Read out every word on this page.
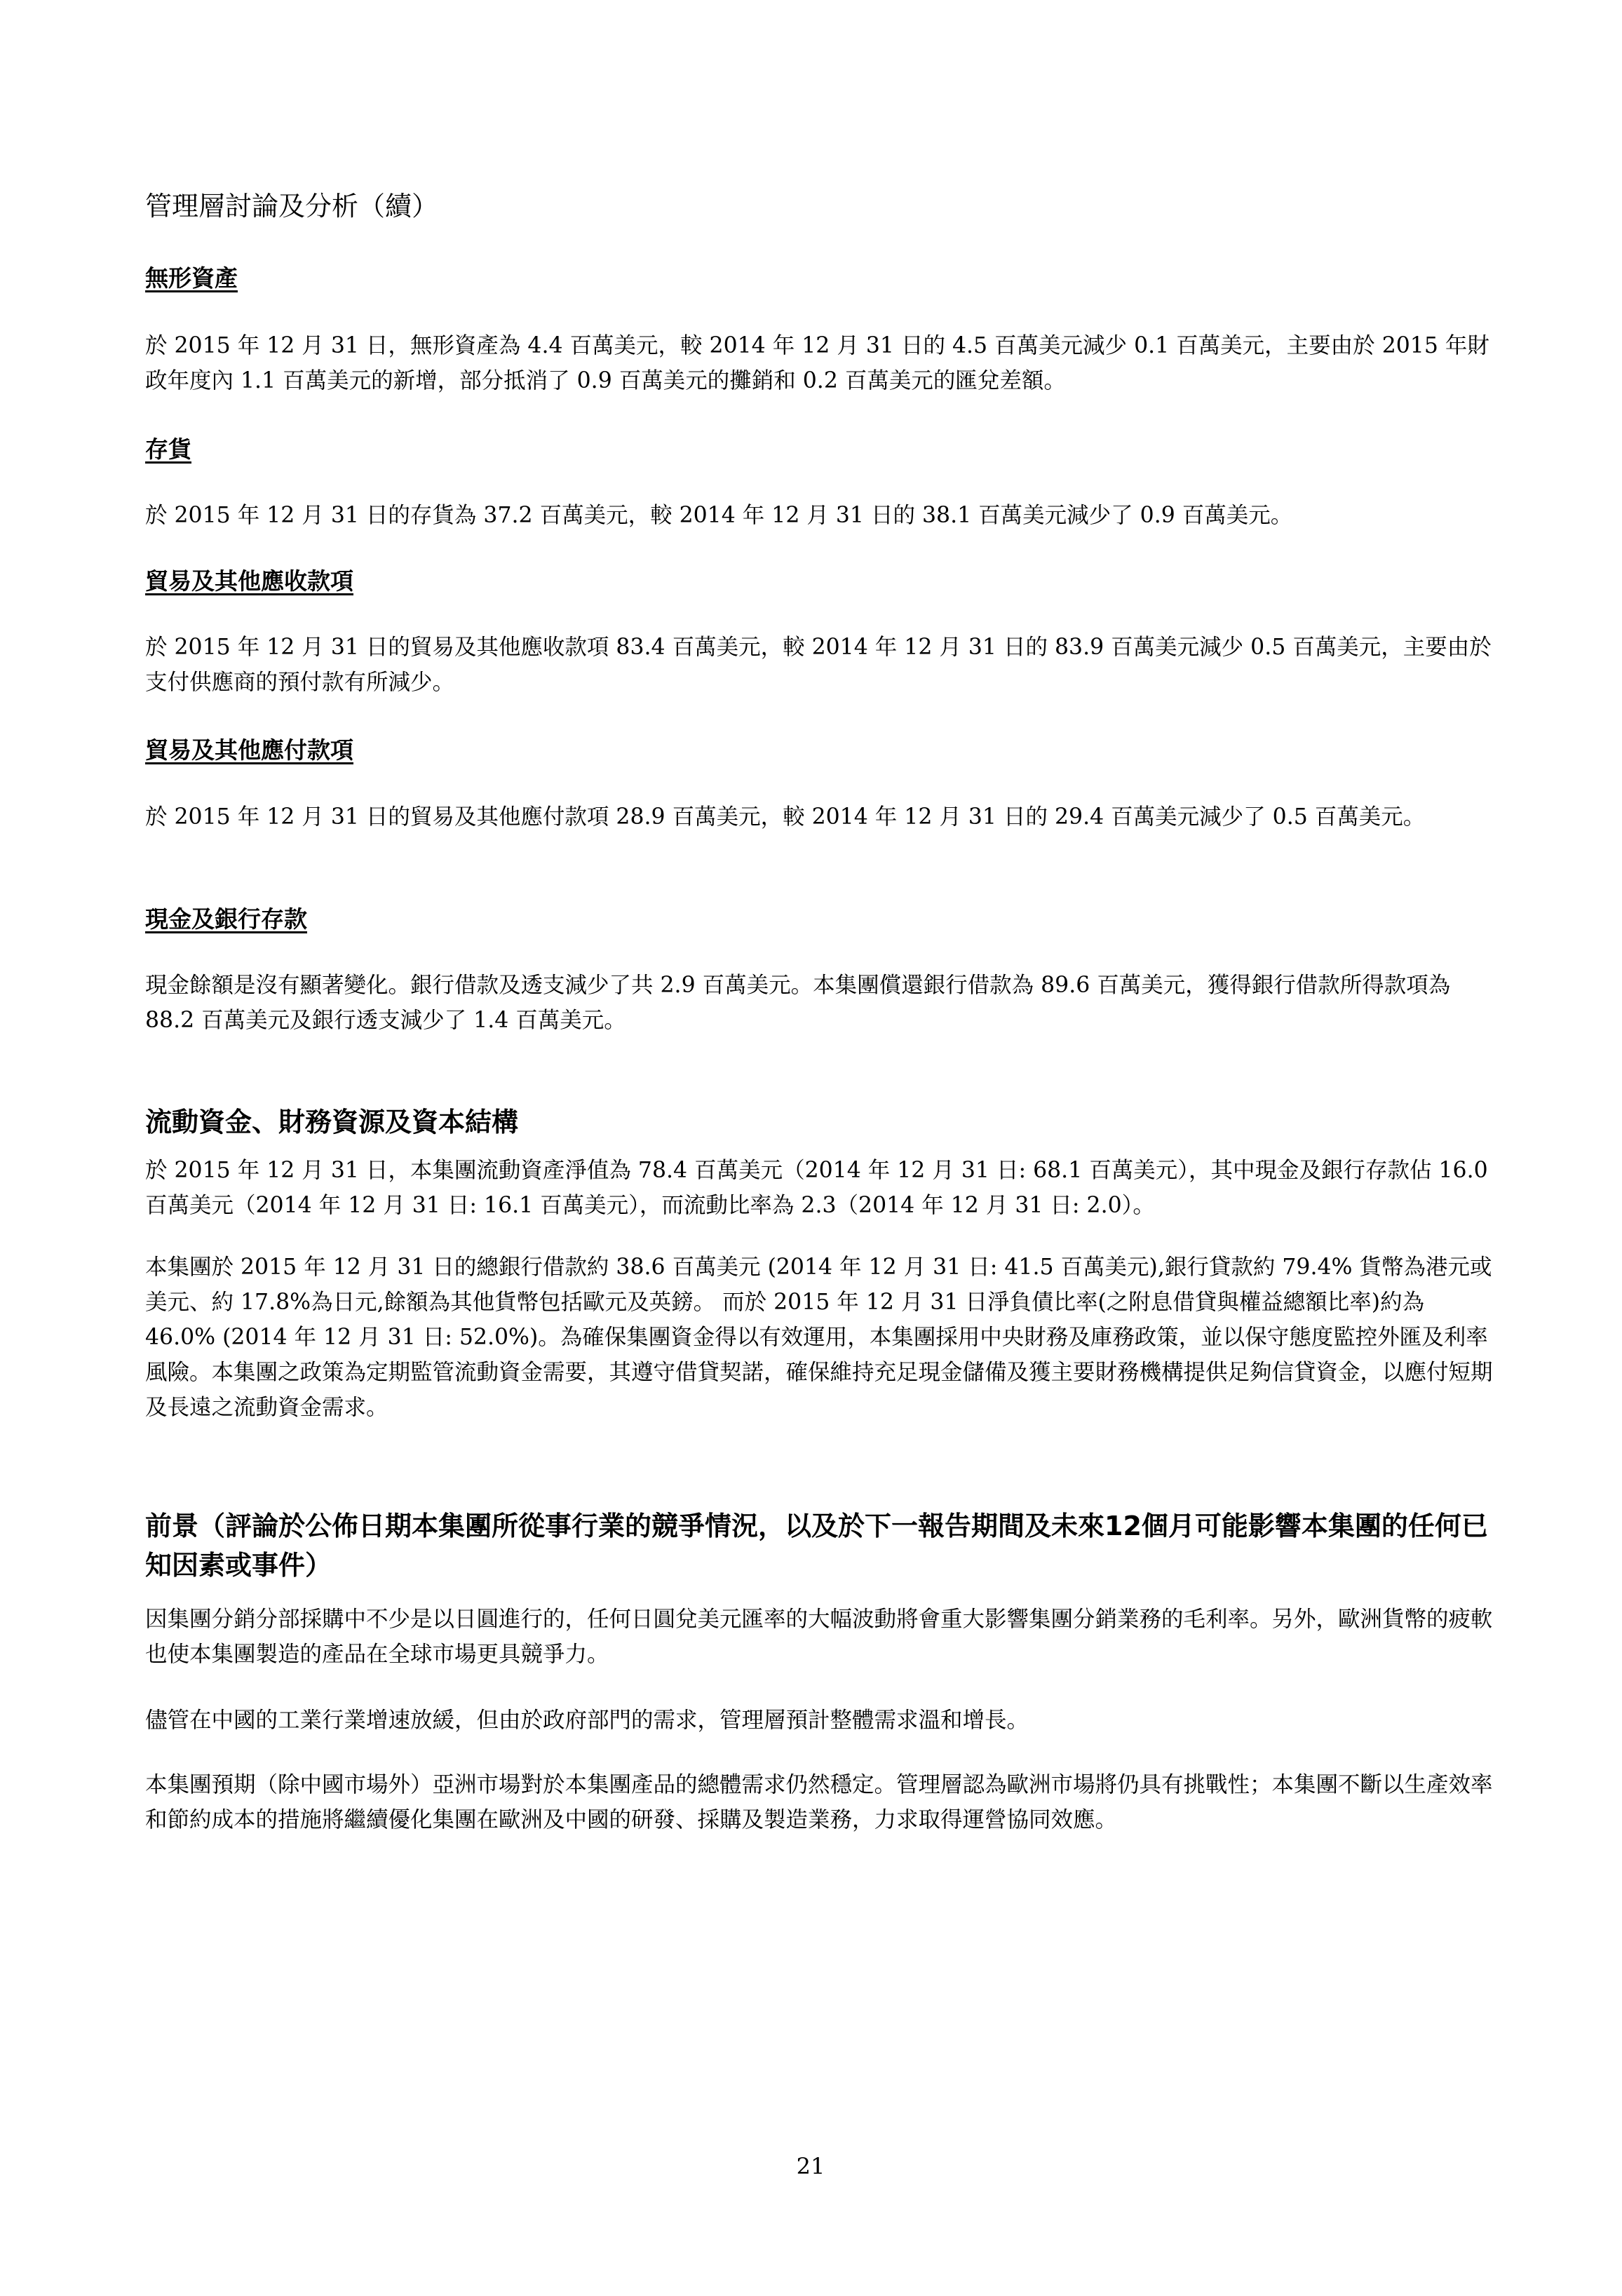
管理層討論及分析（續）
無形資產

於 2015 年 12 月 31 日，無形資產為 4.4 百萬美元，較 2014 年 12 月 31 日的 4.5 百萬美元減少 0.1 百萬美元，主要由於 2015 年財政年度內 1.1 百萬美元的新增，部分抵消了 0.9 百萬美元的攤銷和 0.2 百萬美元的匯兌差額。

存貨

於 2015 年 12 月 31 日的存貨為 37.2 百萬美元，較 2014 年 12 月 31 日的 38.1 百萬美元減少了 0.9 百萬美元。

貿易及其他應收款項

於 2015 年 12 月 31 日的貿易及其他應收款項 83.4 百萬美元，較 2014 年 12 月 31 日的 83.9 百萬美元減少 0.5 百萬美元，主要由於支付供應商的預付款有所減少。

貿易及其他應付款項

於 2015 年 12 月 31 日的貿易及其他應付款項 28.9 百萬美元，較 2014 年 12 月 31 日的 29.4 百萬美元減少了 0.5 百萬美元。

現金及銀行存款

現金餘額是沒有顯著變化。銀行借款及透支減少了共 2.9 百萬美元。本集團償還銀行借款為 89.6 百萬美元，獲得銀行借款所得款項為 88.2 百萬美元及銀行透支減少了 1.4 百萬美元。

流動資金、財務資源及資本結構

於 2015 年 12 月 31 日，本集團流動資產淨值為 78.4 百萬美元（2014 年 12 月 31 日: 68.1 百萬美元），其中現金及銀行存款佔 16.0 百萬美元（2014 年 12 月 31 日: 16.1 百萬美元），而流動比率為 2.3（2014 年 12 月 31 日: 2.0）。

本集團於 2015 年 12 月 31 日的總銀行借款約 38.6 百萬美元 (2014 年 12 月 31 日: 41.5 百萬美元),銀行貸款約 79.4% 貨幣為港元或美元、約 17.8%為日元,餘額為其他貨幣包括歐元及英鎊。 而於 2015 年 12 月 31 日淨負債比率(之附息借貸與權益總額比率)約為 46.0% (2014 年 12 月 31 日: 52.0%)。為確保集團資金得以有效運用，本集團採用中央財務及庫務政策，並以保守態度監控外匯及利率風險。本集團之政策為定期監管流動資金需要，其遵守借貸契諾，確保維持充足現金儲備及獲主要財務機構提供足夠信貸資金，以應付短期及長遠之流動資金需求。

前景（評論於公佈日期本集團所從事行業的競爭情況，以及於下一報告期間及未來12個月可能影響本集團的任何已知因素或事件）

因集團分銷分部採購中不少是以日圓進行的，任何日圓兌美元匯率的大幅波動將會重大影響集團分銷業務的毛利率。另外，歐洲貨幣的疲軟也使本集團製造的產品在全球市場更具競爭力。

儘管在中國的工業行業增速放緩，但由於政府部門的需求，管理層預計整體需求溫和增長。

本集團預期（除中國市場外）亞洲市場對於本集團產品的總體需求仍然穩定。管理層認為歐洲市場將仍具有挑戰性；本集團不斷以生產效率和節約成本的措施將繼續優化集團在歐洲及中國的研發、採購及製造業務，力求取得運營協同效應。

21
